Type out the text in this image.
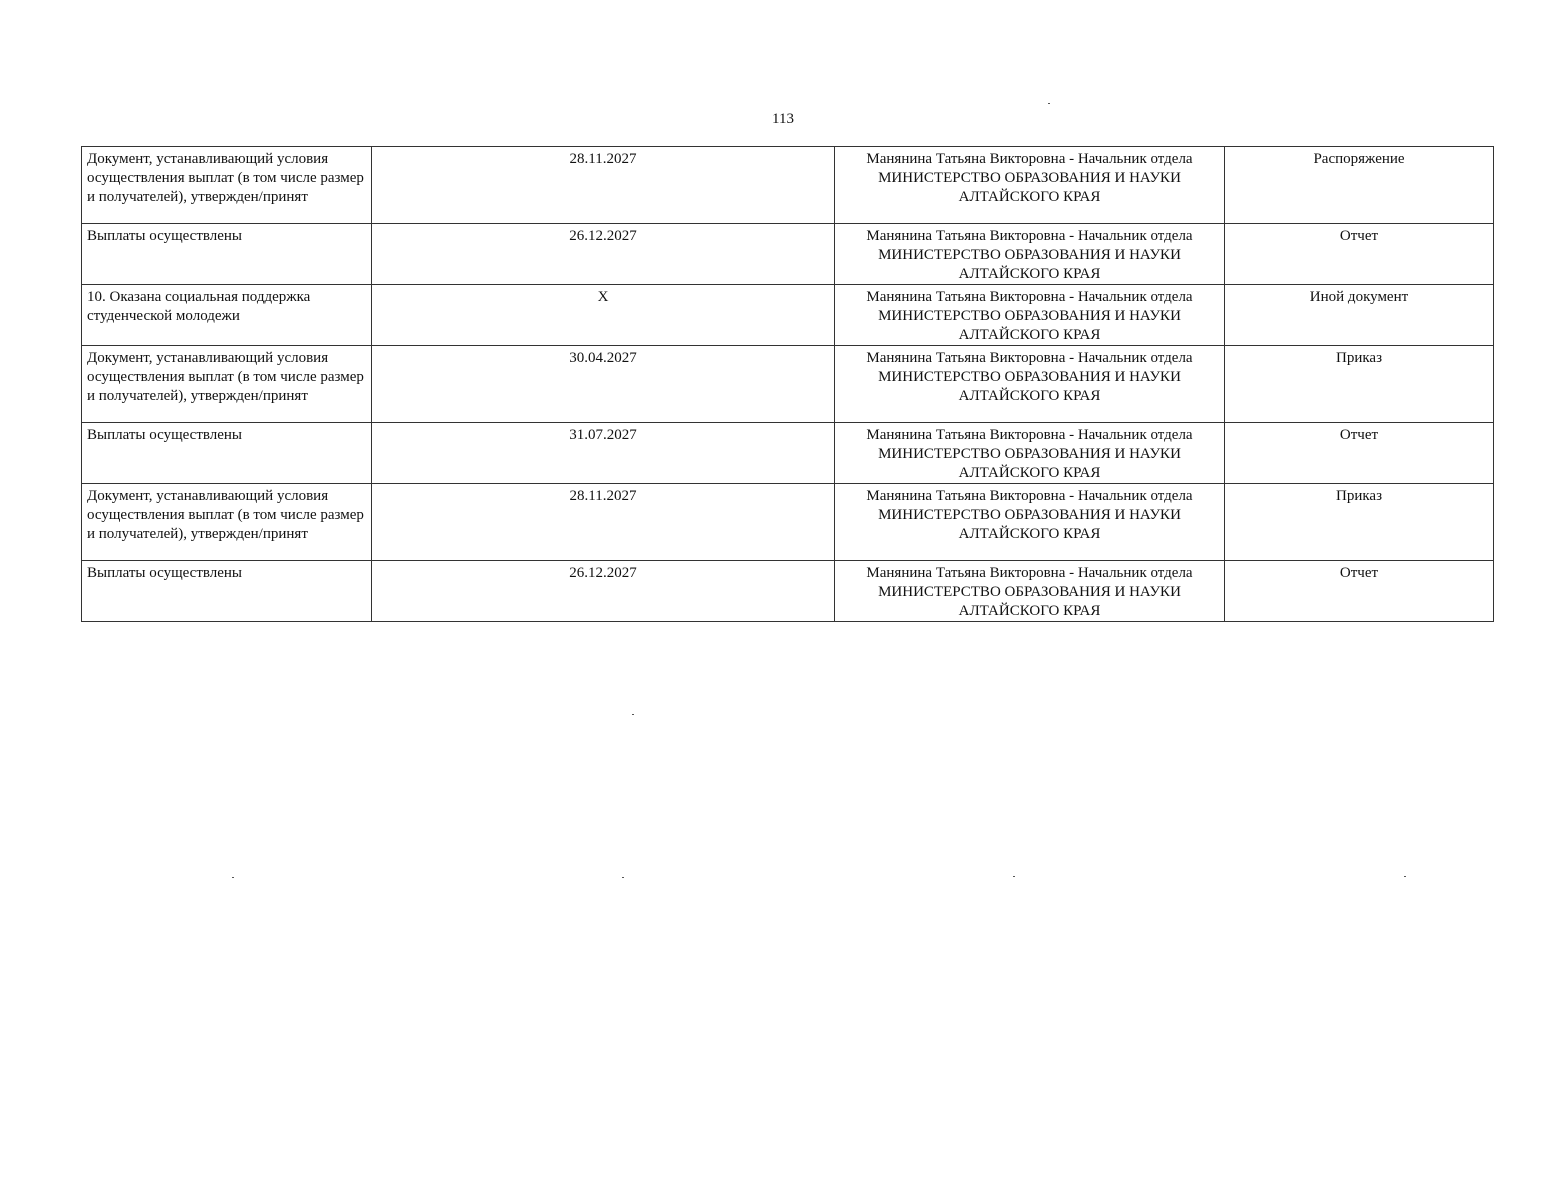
113
Документ, устанавливающий условия осуществления выплат (в том числе размер и получателей), утвержден/принят	28.11.2027	Манянина Татьяна Викторовна - Начальник отдела
МИНИСТЕРСТВО ОБРАЗОВАНИЯ И НАУКИ АЛТАЙСКОГО КРАЯ	Распоряжение
Выплаты осуществлены	26.12.2027	Манянина Татьяна Викторовна - Начальник отдела
МИНИСТЕРСТВО ОБРАЗОВАНИЯ И НАУКИ АЛТАЙСКОГО КРАЯ	Отчет
10. Оказана социальная поддержка студенческой молодежи	X	Манянина Татьяна Викторовна - Начальник отдела
МИНИСТЕРСТВО ОБРАЗОВАНИЯ И НАУКИ АЛТАЙСКОГО КРАЯ	Иной документ
Документ, устанавливающий условия осуществления выплат (в том числе размер и получателей), утвержден/принят	30.04.2027	Манянина Татьяна Викторовна - Начальник отдела
МИНИСТЕРСТВО ОБРАЗОВАНИЯ И НАУКИ АЛТАЙСКОГО КРАЯ	Приказ
Выплаты осуществлены	31.07.2027	Манянина Татьяна Викторовна - Начальник отдела
МИНИСТЕРСТВО ОБРАЗОВАНИЯ И НАУКИ АЛТАЙСКОГО КРАЯ	Отчет
Документ, устанавливающий условия осуществления выплат (в том числе размер и получателей), утвержден/принят	28.11.2027	Манянина Татьяна Викторовна - Начальник отдела
МИНИСТЕРСТВО ОБРАЗОВАНИЯ И НАУКИ АЛТАЙСКОГО КРАЯ	Приказ
Выплаты осуществлены	26.12.2027	Манянина Татьяна Викторовна - Начальник отдела
МИНИСТЕРСТВО ОБРАЗОВАНИЯ И НАУКИ АЛТАЙСКОГО КРАЯ	Отчет
